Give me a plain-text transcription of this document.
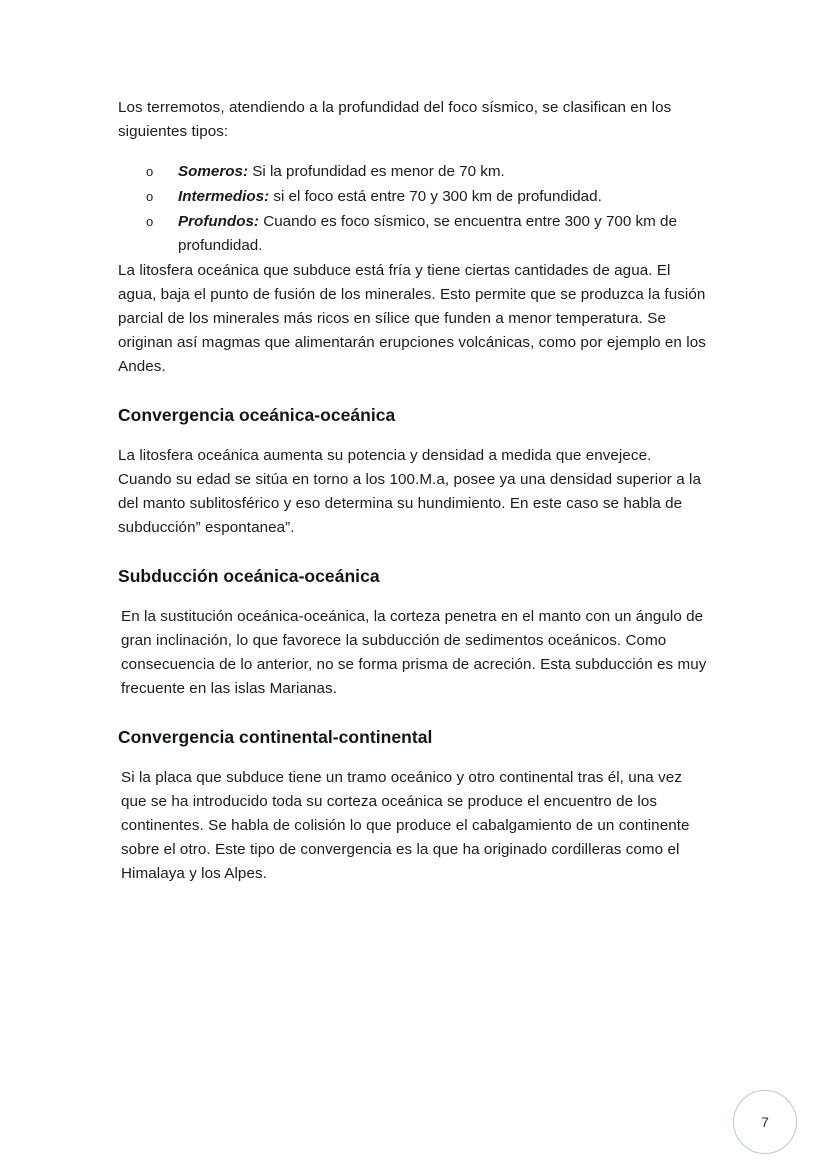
Los terremotos, atendiendo a la profundidad del foco sísmico, se clasifican en los siguientes tipos:

o Someros: Si la profundidad es menor de 70 km.
o Intermedios: si el foco está entre 70 y 300 km de profundidad.
o Profundos: Cuando es foco sísmico, se encuentra entre 300 y 700 km de profundidad.

La litosfera oceánica que subduce está fría y tiene ciertas cantidades de agua. El agua, baja el punto de fusión de los minerales. Esto permite que se produzca la fusión parcial de los minerales más ricos en sílice que funden a menor temperatura. Se originan así magmas que alimentarán erupciones volcánicas, como por ejemplo en los Andes.

Convergencia oceánica-oceánica

La litosfera oceánica aumenta su potencia y densidad a medida que envejece. Cuando su edad se sitúa en torno a los 100.M.a, posee ya una densidad superior a la del manto sublitosférico y eso determina su hundimiento. En este caso se habla de subducción” espontanea”.

Subducción oceánica-oceánica

En la sustitución oceánica-oceánica, la corteza penetra en el manto con un ángulo de gran inclinación, lo que favorece la subducción de sedimentos oceánicos. Como consecuencia de lo anterior, no se forma prisma de acreción. Esta subducción es muy frecuente en las islas Marianas.

Convergencia continental-continental

Si la placa que subduce tiene un tramo oceánico y otro continental tras él, una vez que se ha introducido toda su corteza oceánica se produce el encuentro de los continentes. Se habla de colisión lo que produce el cabalgamiento de un continente sobre el otro. Este tipo de convergencia es la que ha originado cordilleras como el Himalaya y los Alpes.

7
